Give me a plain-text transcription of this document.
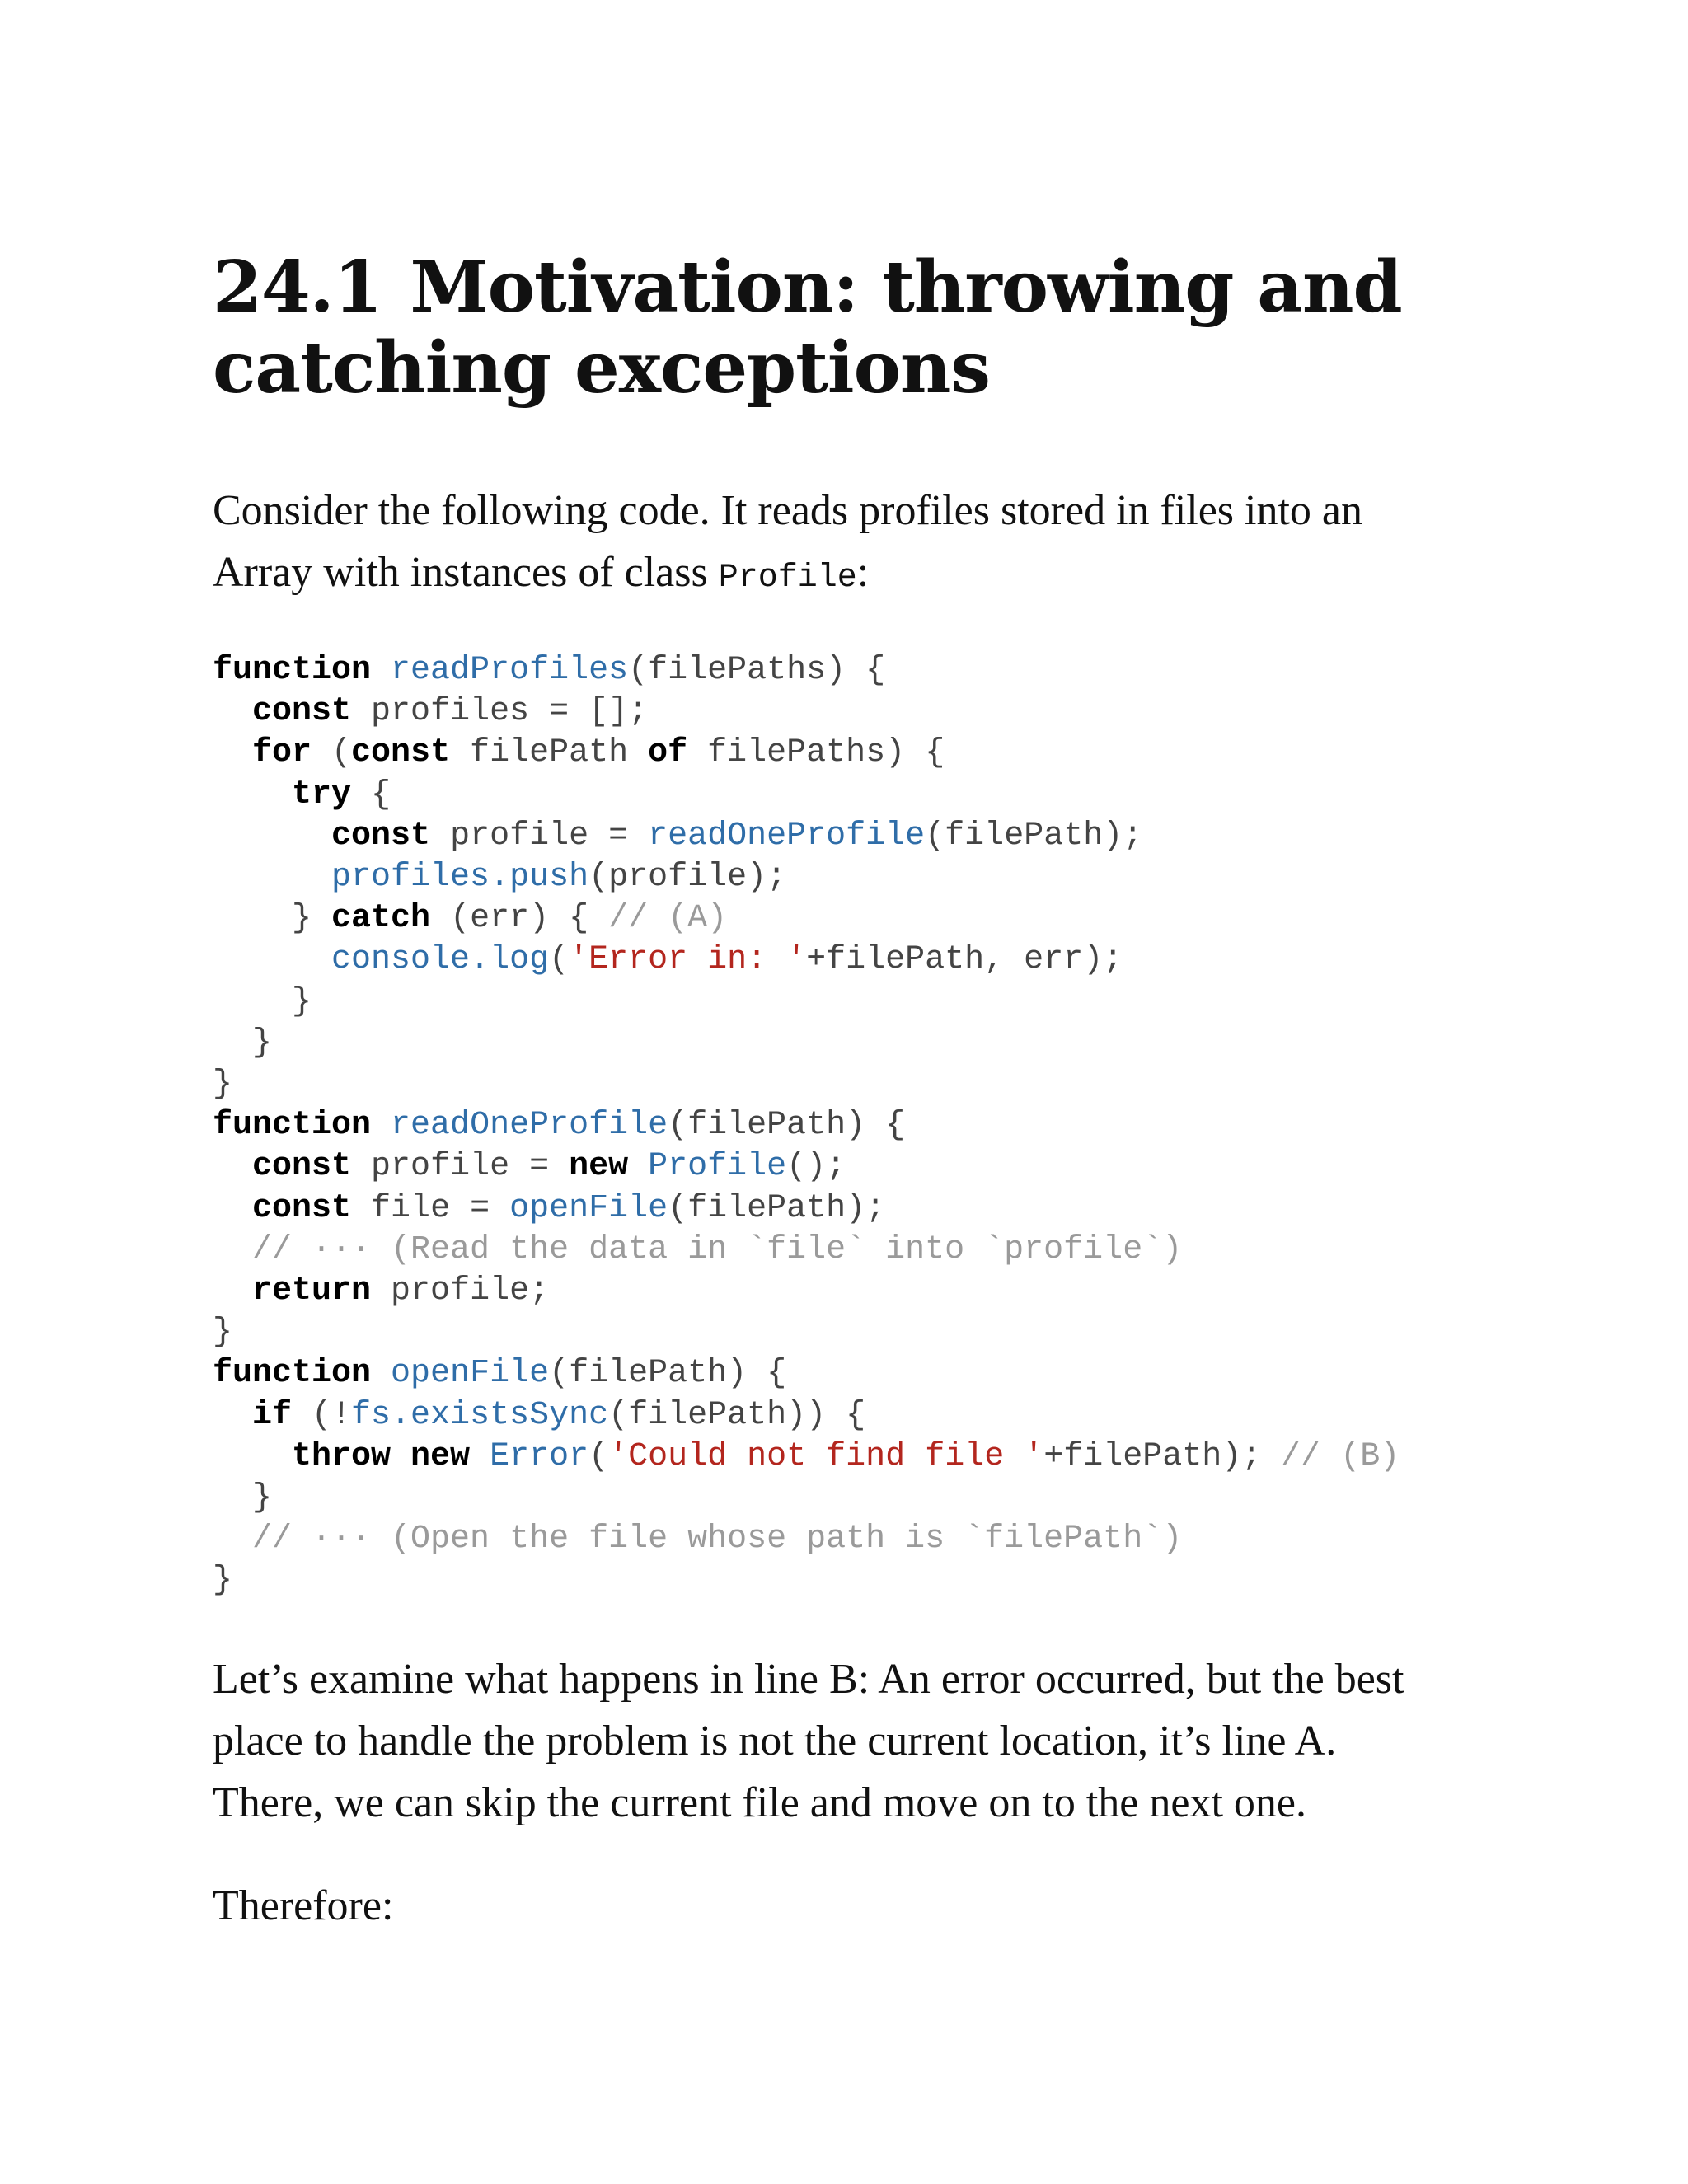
24.1 Motivation: throwing and
catching exceptions

Consider the following code. It reads profiles stored in files into an
Array with instances of class Profile:

function readProfiles(filePaths) {
const profiles = [];
for (const filePath of filePaths) {
try {
const profile = readOneProfile(filePath);
profiles.push(profile);
} catch (err) { // (A)
console.log('Error in: '+filePath, err);
}
}
}
function readOneProfile(filePath) {
const profile = new Profile();
const file = openFile(filePath);
// ··· (Read the data in `file` into `profile`)
return profile;
}
function openFile(filePath) {
if (!fs.existsSync(filePath)) {
throw new Error('Could not find file '+filePath); // (B)
}
// ··· (Open the file whose path is `filePath`)
}

Let’s examine what happens in line B: An error occurred, but the best
place to handle the problem is not the current location, it’s line A.
There, we can skip the current file and move on to the next one.

Therefore:
